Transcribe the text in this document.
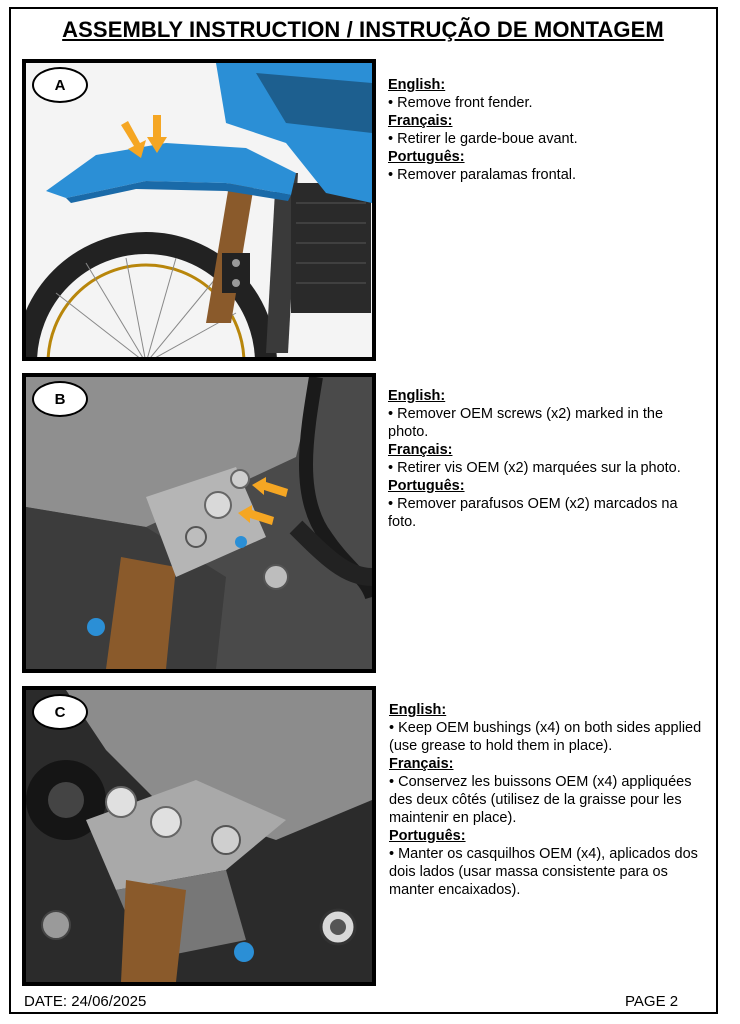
ASSEMBLY INSTRUCTION / INSTRUÇÃO DE MONTAGEM
A	English:
• Remove front fender.
Français:
• Retirer le garde-boue avant.
Português:
• Remover paralamas frontal.
B	English:
• Remover OEM screws (x2) marked in the photo.
Français:
• Retirer vis OEM (x2) marquées sur la photo.
Português:
• Remover parafusos OEM (x2) marcados na foto.
C	English:
• Keep OEM bushings (x4) on both sides applied (use grease to hold them in place).
Français:
• Conservez les buissons OEM (x4) appliquées des deux côtés (utilisez de la graisse pour les maintenir en place).
Português:
• Manter os casquilhos OEM (x4), aplicados dos dois lados (usar massa consistente para os manter encaixados).
DATE: 24/06/2025	PAGE 2
